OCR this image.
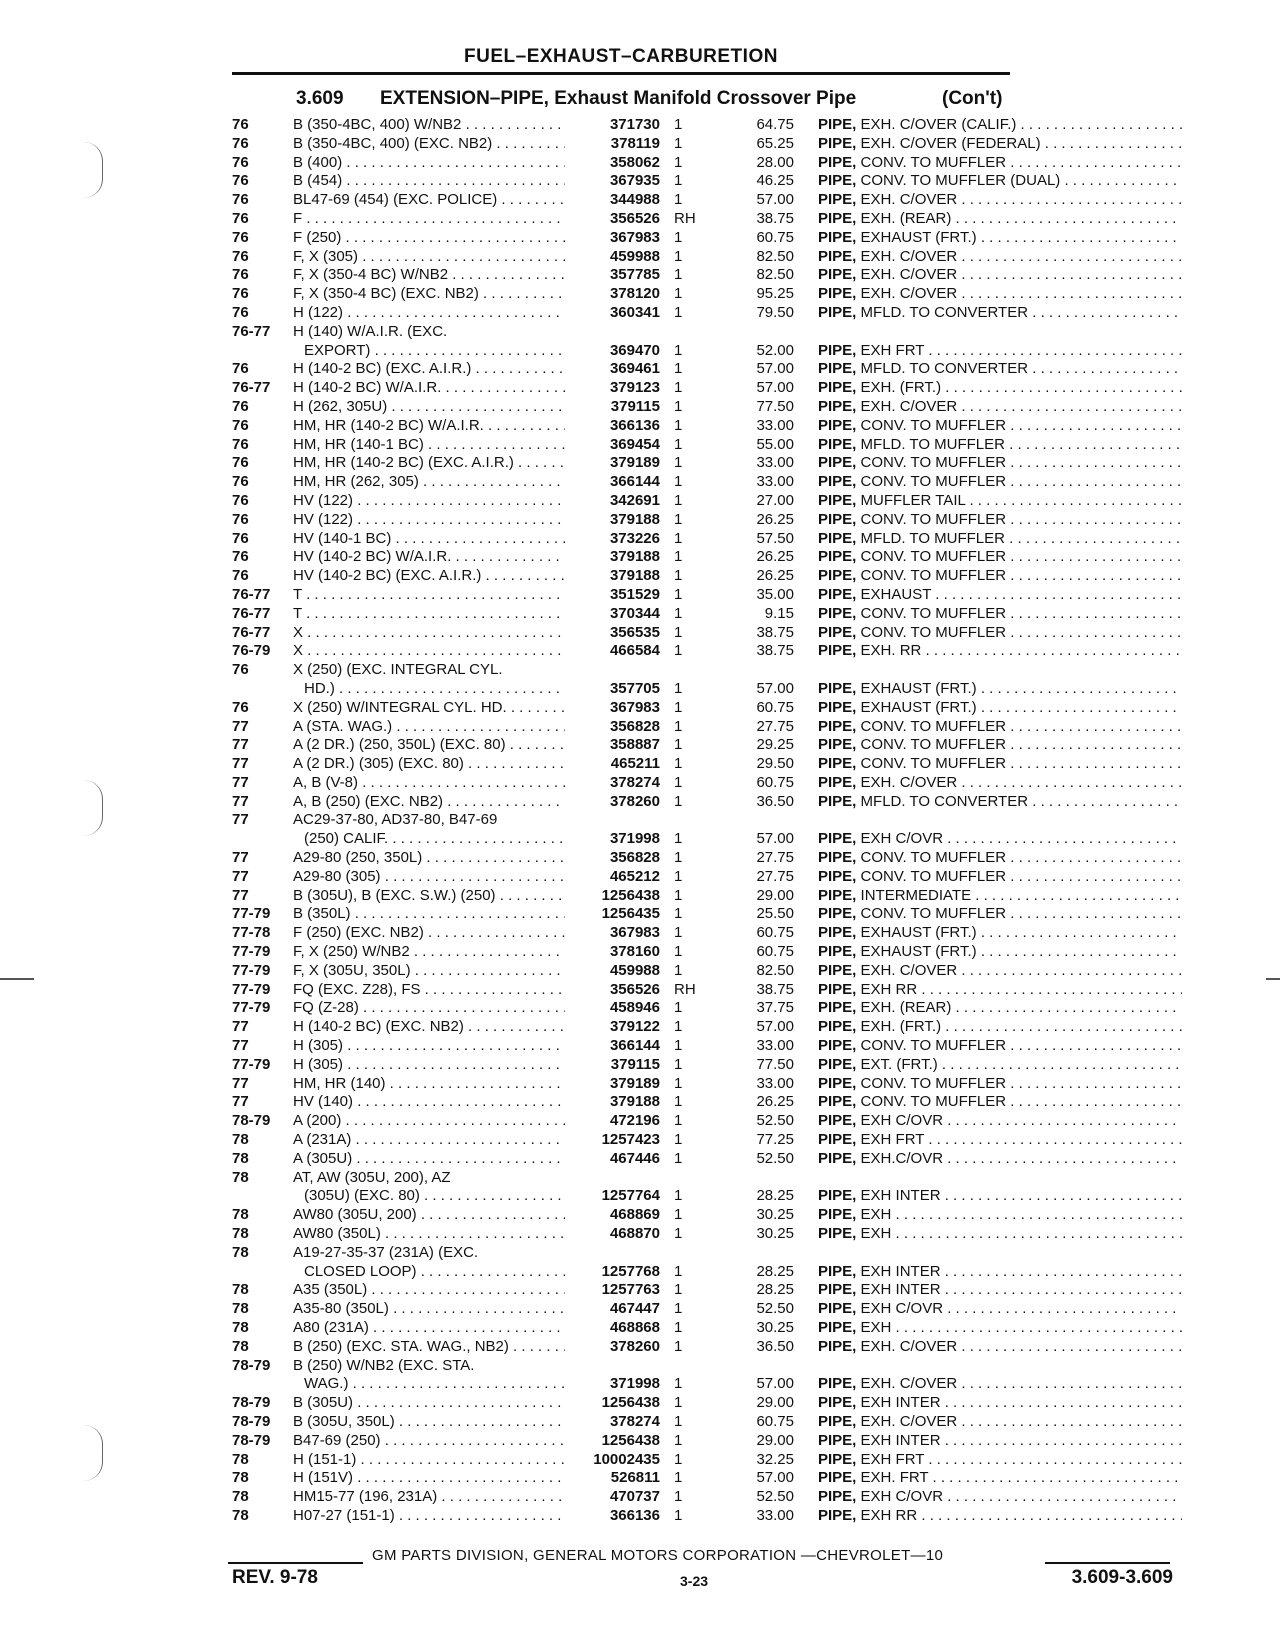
FUEL–EXHAUST–CARBURETION
3.609 EXTENSION–PIPE, Exhaust Manifold Crossover Pipe	(Con't)
76	B (350-4BC, 400) W/NB2 . . .	371730 1	64.75 PIPE, EXH. C/OVER (CALIF.) . . .
76	B (350-4BC, 400) (EXC. NB2) . . .	378119 1	65.25 PIPE, EXH. C/OVER (FEDERAL) . . .
76	B (400) . . .	358062 1	28.00 PIPE, CONV. TO MUFFLER . . .
76	B (454) . . .	367935 1	46.25 PIPE, CONV. TO MUFFLER (DUAL) . . .
76	BL47-69 (454) (EXC. POLICE) . . .	344988 1	57.00 PIPE, EXH. C/OVER . . .
76	F . . .	356526 RH	38.75 PIPE, EXH. (REAR) . . .
76	F (250) . . .	367983 1	60.75 PIPE, EXHAUST (FRT.) . . .
76	F, X (305) . . .	459988 1	82.50 PIPE, EXH. C/OVER . . .
76	F, X (350-4 BC) W/NB2 . . .	357785 1	82.50 PIPE, EXH. C/OVER . . .
76	F, X (350-4 BC) (EXC. NB2) . . .	378120 1	95.25 PIPE, EXH. C/OVER . . .
76	H (122) . . .	360341 1	79.50 PIPE, MFLD. TO CONVERTER . . .
76-77 H (140) W/A.I.R. (EXC.
EXPORT) . . .	369470 1	52.00 PIPE, EXH FRT . . .
76	H (140-2 BC) (EXC. A.I.R.) . . .	369461 1	57.00 PIPE, MFLD. TO CONVERTER . . .
76-77 H (140-2 BC) W/A.I.R. . . .	379123 1	57.00 PIPE, EXH. (FRT.) . . .
76	H (262, 305U) . . .	379115 1	77.50 PIPE, EXH. C/OVER . . .
76	HM, HR (140-2 BC) W/A.I.R. . . .	366136 1	33.00 PIPE, CONV. TO MUFFLER . . .
76	HM, HR (140-1 BC) . . .	369454 1	55.00 PIPE, MFLD. TO MUFFLER . . .
76	HM, HR (140-2 BC) (EXC. A.I.R.) . . .	379189 1	33.00 PIPE, CONV. TO MUFFLER . . .
76	HM, HR (262, 305) . . .	366144 1	33.00 PIPE, CONV. TO MUFFLER . . .
76	HV (122) . . .	342691 1	27.00 PIPE, MUFFLER TAIL . . .
76	HV (122) . . .	379188 1	26.25 PIPE, CONV. TO MUFFLER . . .
76	HV (140-1 BC) . . .	373226 1	57.50 PIPE, MFLD. TO MUFFLER . . .
76	HV (140-2 BC) W/A.I.R. . . .	379188 1	26.25 PIPE, CONV. TO MUFFLER . . .
76	HV (140-2 BC) (EXC. A.I.R.) . . .	379188 1	26.25 PIPE, CONV. TO MUFFLER . . .
76-77 T . . .	351529 1	35.00 PIPE, EXHAUST . . .
76-77 T . . .	370344 1	9.15 PIPE, CONV. TO MUFFLER . . .
76-77 X . . .	356535 1	38.75 PIPE, CONV. TO MUFFLER . . .
76-79 X . . .	466584 1	38.75 PIPE, EXH. RR . . .
76	X (250) (EXC. INTEGRAL CYL.
HD.) . . .	357705 1	57.00 PIPE, EXHAUST (FRT.) . . .
76	X (250) W/INTEGRAL CYL. HD. . . .	367983 1	60.75 PIPE, EXHAUST (FRT.) . . .
77	A (STA. WAG.) . . .	356828 1	27.75 PIPE, CONV. TO MUFFLER . . .
77	A (2 DR.) (250, 350L) (EXC. 80) . . .	358887 1	29.25 PIPE, CONV. TO MUFFLER . . .
77	A (2 DR.) (305) (EXC. 80) . . .	465211 1	29.50 PIPE, CONV. TO MUFFLER . . .
77	A, B (V-8) . . .	378274 1	60.75 PIPE, EXH. C/OVER . . .
77	A, B (250) (EXC. NB2) . . .	378260 1	36.50 PIPE, MFLD. TO CONVERTER . . .
77	AC29-37-80, AD37-80, B47-69
(250) CALIF. . . .	371998 1	57.00 PIPE, EXH C/OVR . . .
77	A29-80 (250, 350L) . . .	356828 1	27.75 PIPE, CONV. TO MUFFLER . . .
77	A29-80 (305) . . .	465212 1	27.75 PIPE, CONV. TO MUFFLER . . .
77	B (305U), B (EXC. S.W.) (250) . . .	1256438 1	29.00 PIPE, INTERMEDIATE . . .
77-79 B (350L) . . .	1256435 1	25.50 PIPE, CONV. TO MUFFLER . . .
77-78 F (250) (EXC. NB2) . . .	367983 1	60.75 PIPE, EXHAUST (FRT.) . . .
77-79 F, X (250) W/NB2 . . .	378160 1	60.75 PIPE, EXHAUST (FRT.) . . .
77-79 F, X (305U, 350L) . . .	459988 1	82.50 PIPE, EXH. C/OVER . . .
77-79 FQ (EXC. Z28), FS . . .	356526 RH	38.75 PIPE, EXH RR . . .
77-79 FQ (Z-28) . . .	458946 1	37.75 PIPE, EXH. (REAR) . . .
77	H (140-2 BC) (EXC. NB2) . . .	379122 1	57.00 PIPE, EXH. (FRT.) . . .
77	H (305) . . .	366144 1	33.00 PIPE, CONV. TO MUFFLER . . .
77-79 H (305) . . .	379115 1	77.50 PIPE, EXT. (FRT.) . . .
77	HM, HR (140) . . .	379189 1	33.00 PIPE, CONV. TO MUFFLER . . .
77	HV (140) . . .	379188 1	26.25 PIPE, CONV. TO MUFFLER . . .
78-79 A (200) . . .	472196 1	52.50 PIPE, EXH C/OVR . . .
78	A (231A) . . .	1257423 1	77.25 PIPE, EXH FRT . . .
78	A (305U) . . .	467446 1	52.50 PIPE, EXH.C/OVR . . .
78	AT, AW (305U, 200), AZ
(305U) (EXC. 80) . . .	1257764 1	28.25 PIPE, EXH INTER . . .
78	AW80 (305U, 200) . . .	468869 1	30.25 PIPE, EXH . . .
78	AW80 (350L) . . .	468870 1	30.25 PIPE, EXH . . .
78	A19-27-35-37 (231A) (EXC.
CLOSED LOOP) . . .	1257768 1	28.25 PIPE, EXH INTER . . .
78	A35 (350L) . . .	1257763 1	28.25 PIPE, EXH INTER . . .
78	A35-80 (350L) . . .	467447 1	52.50 PIPE, EXH C/OVR . . .
78	A80 (231A) . . .	468868 1	30.25 PIPE, EXH . . .
78	B (250) (EXC. STA. WAG., NB2) . . .	378260 1	36.50 PIPE, EXH. C/OVER . . .
78-79 B (250) W/NB2 (EXC. STA.
WAG.) . . .	371998 1	57.00 PIPE, EXH. C/OVER . . .
78-79 B (305U) . . .	1256438 1	29.00 PIPE, EXH INTER . . .
78-79 B (305U, 350L) . . .	378274 1	60.75 PIPE, EXH. C/OVER . . .
78-79 B47-69 (250) . . .	1256438 1	29.00 PIPE, EXH INTER . . .
78	H (151-1) . . .	10002435 1	32.25 PIPE, EXH FRT . . .
78	H (151V) . . .	526811 1	57.00 PIPE, EXH. FRT . . .
78	HM15-77 (196, 231A) . . .	470737 1	52.50 PIPE, EXH C/OVR . . .
78	H07-27 (151-1) . . .	366136 1	33.00 PIPE, EXH RR . . .
GM PARTS DIVISION, GENERAL MOTORS CORPORATION —CHEVROLET—10
REV. 9-78	3-23	3.609-3.609
